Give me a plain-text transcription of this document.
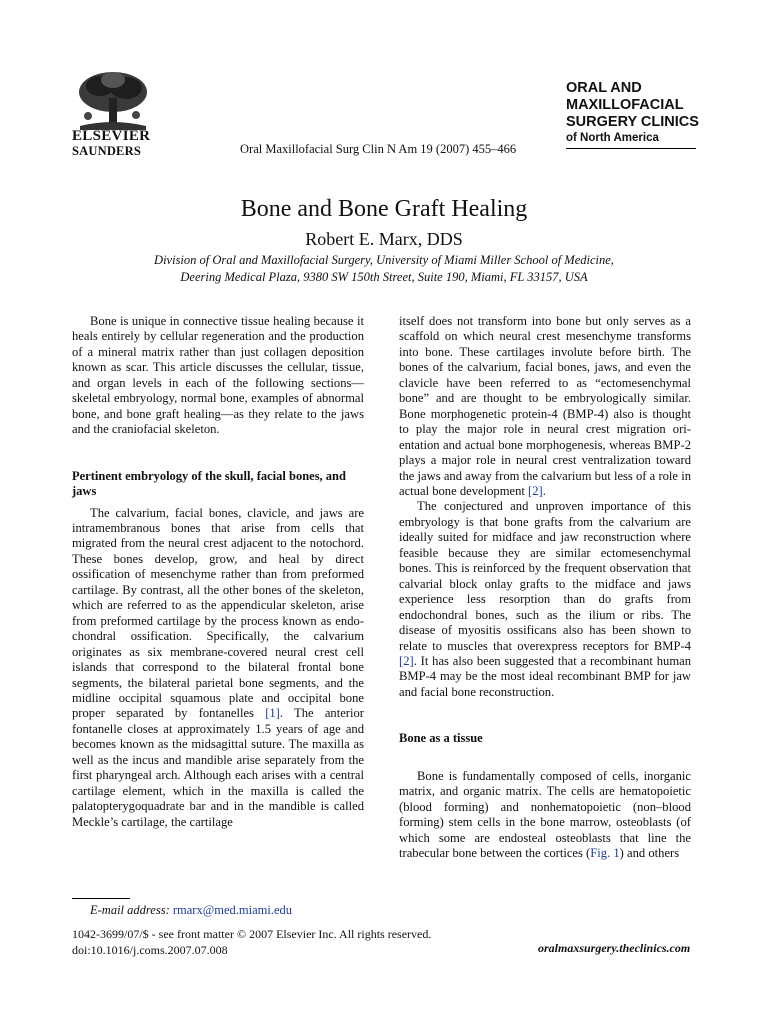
ELSEVIER
SAUNDERS	Oral Maxillofacial Surg Clin N Am 19 (2007) 455–466
ORAL AND
MAXILLOFACIAL
SURGERY CLINICS
of North America
Bone and Bone Graft Healing
Robert E. Marx, DDS
Division of Oral and Maxillofacial Surgery, University of Miami Miller School of Medicine,
Deering Medical Plaza, 9380 SW 150th Street, Suite 190, Miami, FL 33157, USA

Bone is unique in connective tissue healing because it heals entirely by cellular regeneration and the production of a mineral matrix rather than just collagen deposition known as scar. This article discusses the cellular, tissue, and organ levels in each of the following sections—skeletal embryology, normal bone, examples of abnormal bone, and bone graft healing—as they relate to the jaws and the craniofacial skeleton.

Pertinent embryology of the skull, facial bones, and jaws

The calvarium, facial bones, clavicle, and jaws are intramembranous bones that arise from cells that migrated from the neural crest adjacent to the notochord. These bones develop, grow, and heal by direct ossification of mesenchyme rather than from preformed cartilage. By contrast, all the other bones of the skeleton, which are referred to as the appendicular skeleton, arise from preformed cartilage by the process known as endochondral ossification. Specifically, the calvarium originates as six membrane-covered neural crest cell islands that correspond to the bilateral frontal bone segments, the bilateral parietal bone segments, and the midline occipital squamous plate and occipital bone proper separated by fontanelles [1]. The anterior fontanelle closes at approximately 1.5 years of age and becomes known as the midsagittal suture. The maxilla as well as the incus and mandible arise separately from the first pharyngeal arch. Although each arises with a central cartilage element, which in the maxilla is called the palatopterygoquadrate bar and in the mandible is called Meckle’s cartilage, the cartilage

itself does not transform into bone but only serves as a scaffold on which neural crest mesenchyme transforms into bone. These cartilages involute before birth. The bones of the calvarium, facial bones, jaws, and even the clavicle have been referred to as “ectomesenchymal bone” and are thought to be embryologically similar. Bone morphogenetic protein-4 (BMP-4) also is thought to play the major role in neural crest migration orientation and actual bone morphogenesis, whereas BMP-2 plays a major role in neural crest ventralization toward the jaws and away from the calvarium but less of a role in actual bone development [2].

The conjectured and unproven importance of this embryology is that bone grafts from the calvarium are ideally suited for midface and jaw reconstruction where feasible because they are similar ectomesenchymal bones. This is reinforced by the frequent observation that calvarial block onlay grafts to the midface and jaws experience less resorption than do grafts from endochondral bones, such as the ilium or ribs. The disease of myositis ossificans also has been shown to relate to muscles that overexpress receptors for BMP-4 [2]. It has also been suggested that a recombinant human BMP-4 may be the most ideal recombinant BMP for jaw and facial bone reconstruction.

Bone as a tissue

Bone is fundamentally composed of cells, inorganic matrix, and organic matrix. The cells are hematopoietic (blood forming) and nonhematopoietic (non–blood forming) stem cells in the bone marrow, osteoblasts (of which some are endosteal osteoblasts that line the trabecular bone between the cortices (Fig. 1) and others

E-mail address: rmarx@med.miami.edu
1042-3699/07/$ - see front matter © 2007 Elsevier Inc. All rights reserved.
doi:10.1016/j.coms.2007.07.008	oralmaxsurgery.theclinics.com
